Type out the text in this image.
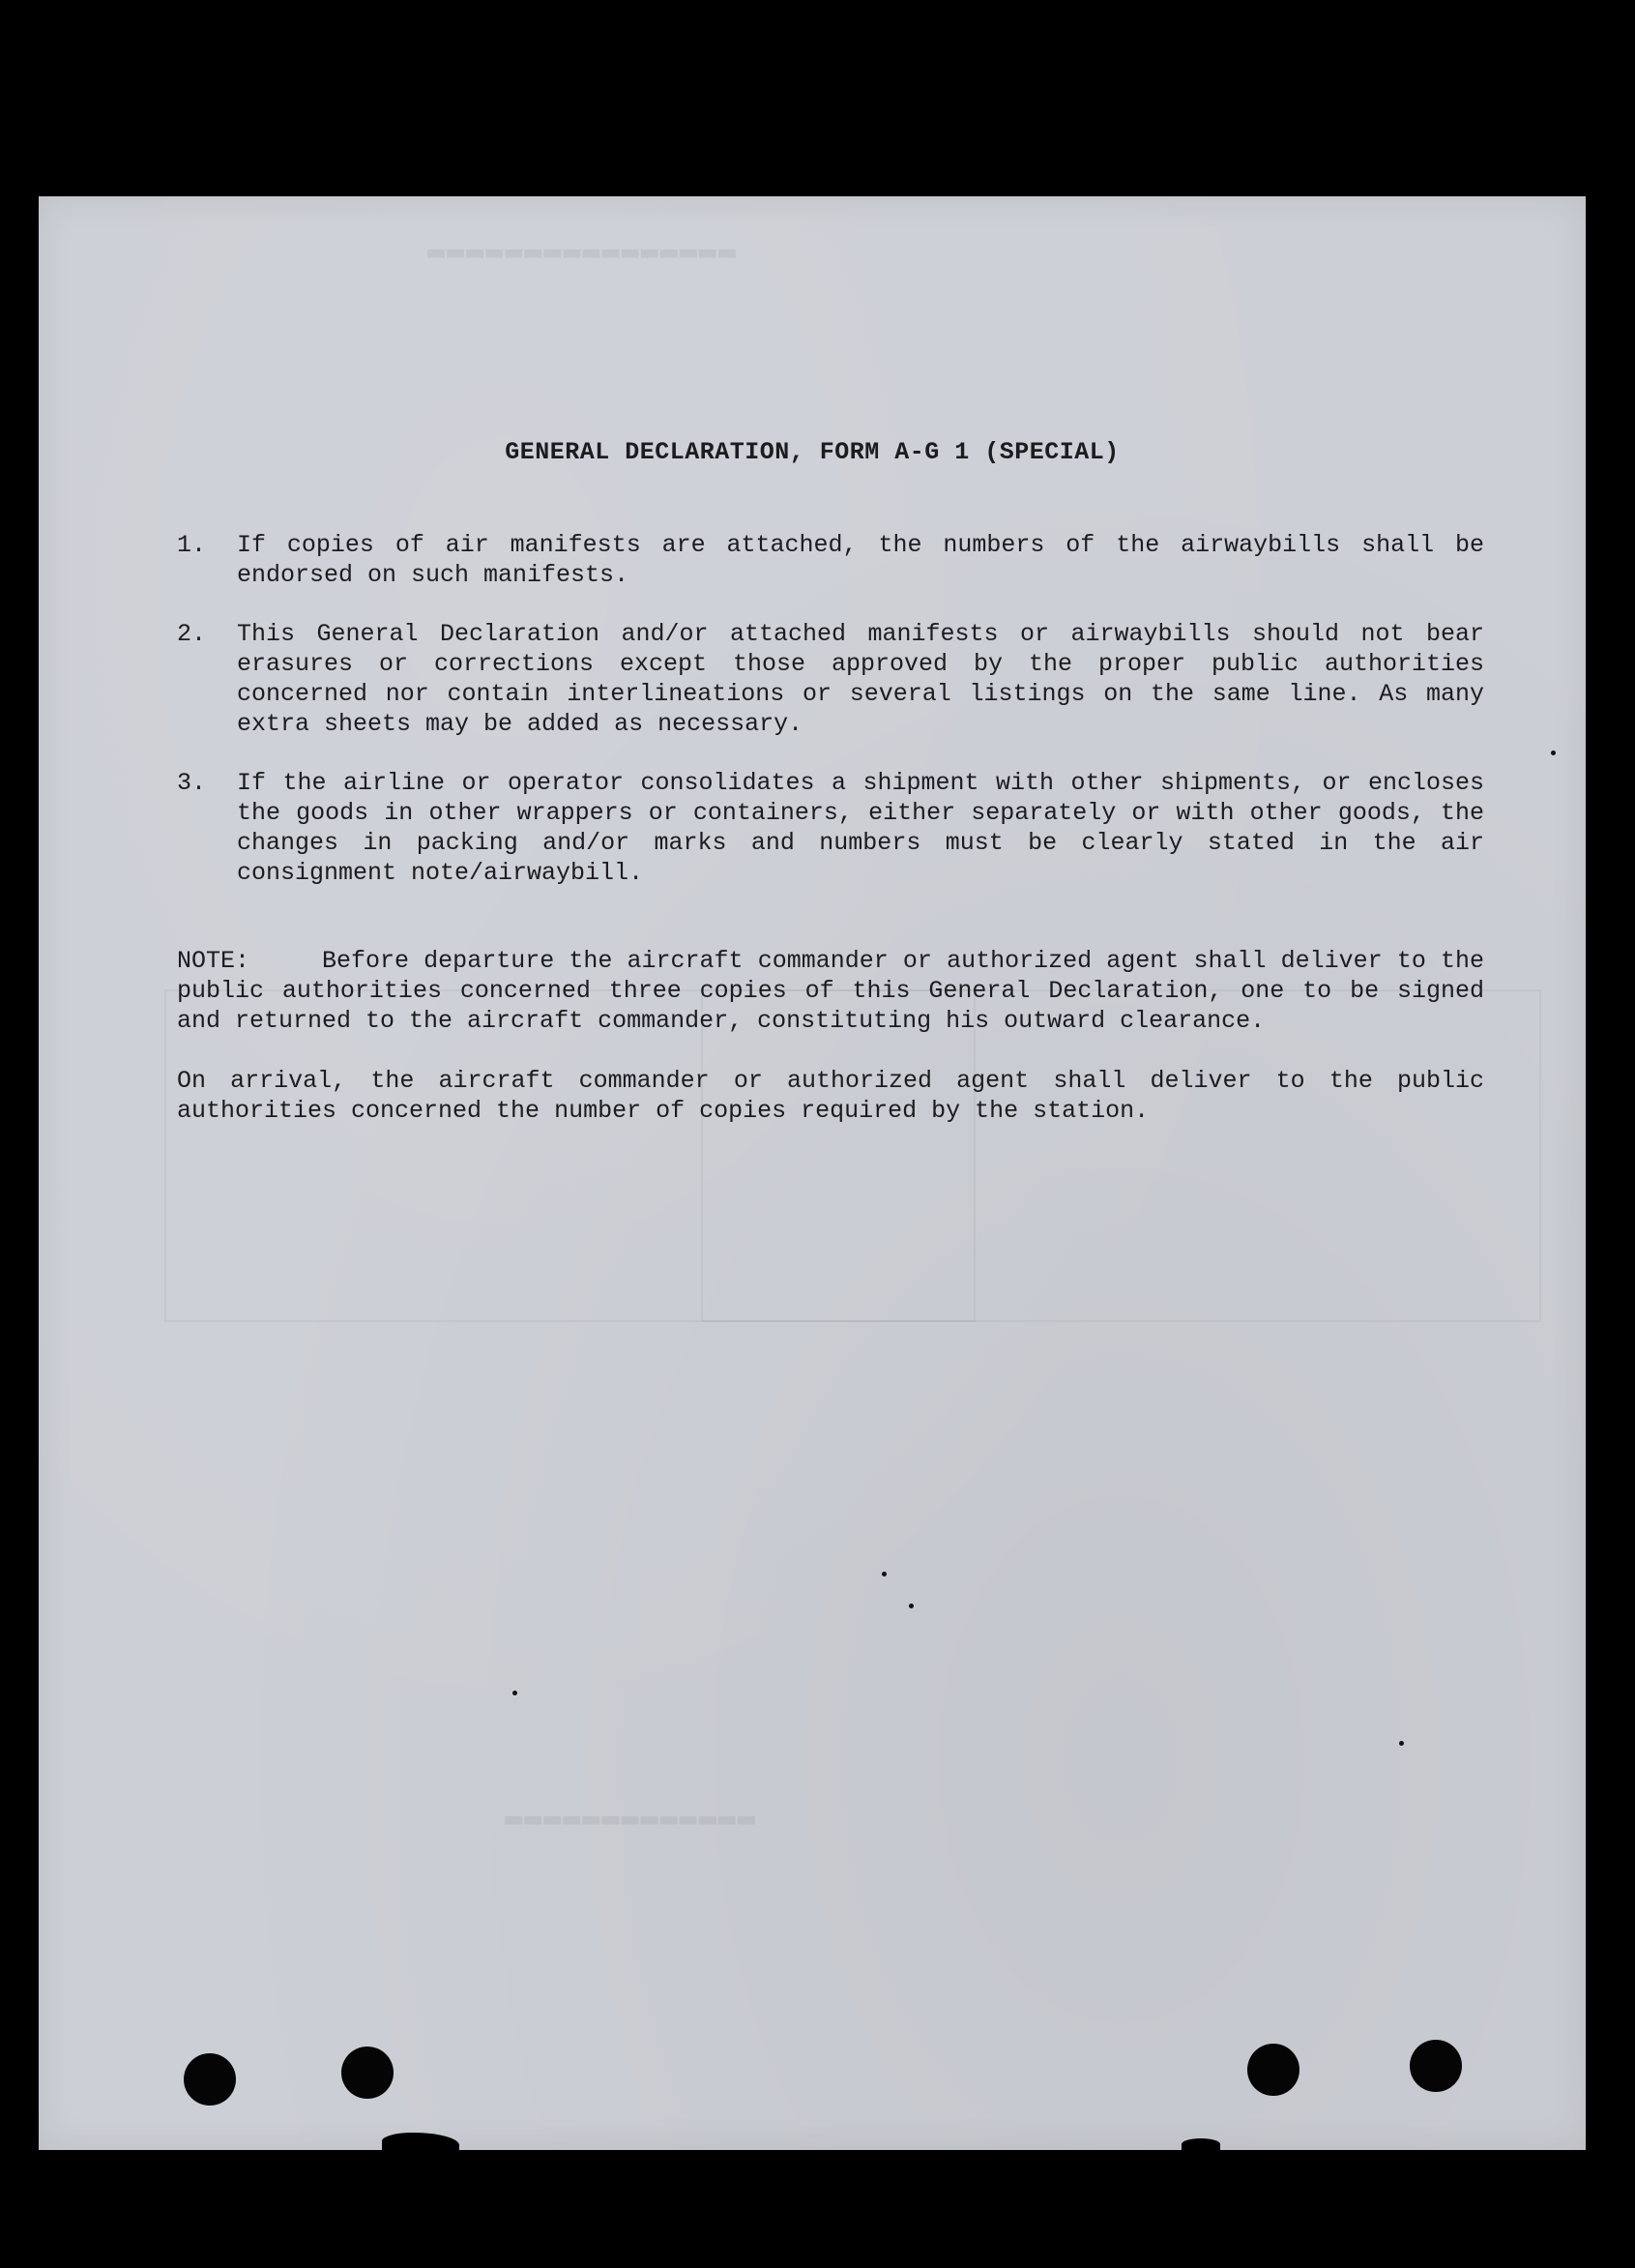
▬▬▬▬▬▬▬▬▬▬▬▬▬▬▬▬
▬▬▬▬▬▬▬▬▬▬▬▬▬
GENERAL DECLARATION, FORM A-G 1 (SPECIAL)
1.	If copies of air manifests are attached, the numbers of the airwaybills shall be endorsed on such manifests.
2.	This General Declaration and/or attached manifests or airwaybills should not bear erasures or corrections except those approved by the proper public authorities concerned nor contain interlineations or several listings on the same line. As many extra sheets may be added as necessary.
3.	If the airline or operator consolidates a shipment with other shipments, or encloses the goods in other wrappers or containers, either separately or with other goods, the changes in packing and/or marks and numbers must be clearly stated in the air consignment note/airwaybill.

NOTE:	Before departure the aircraft commander or authorized agent shall deliver to the public authorities concerned three copies of this General Declaration, one to be signed and returned to the aircraft commander, constituting his outward clearance.

On arrival, the aircraft commander or authorized agent shall deliver to the public authorities concerned the number of copies required by the station.
